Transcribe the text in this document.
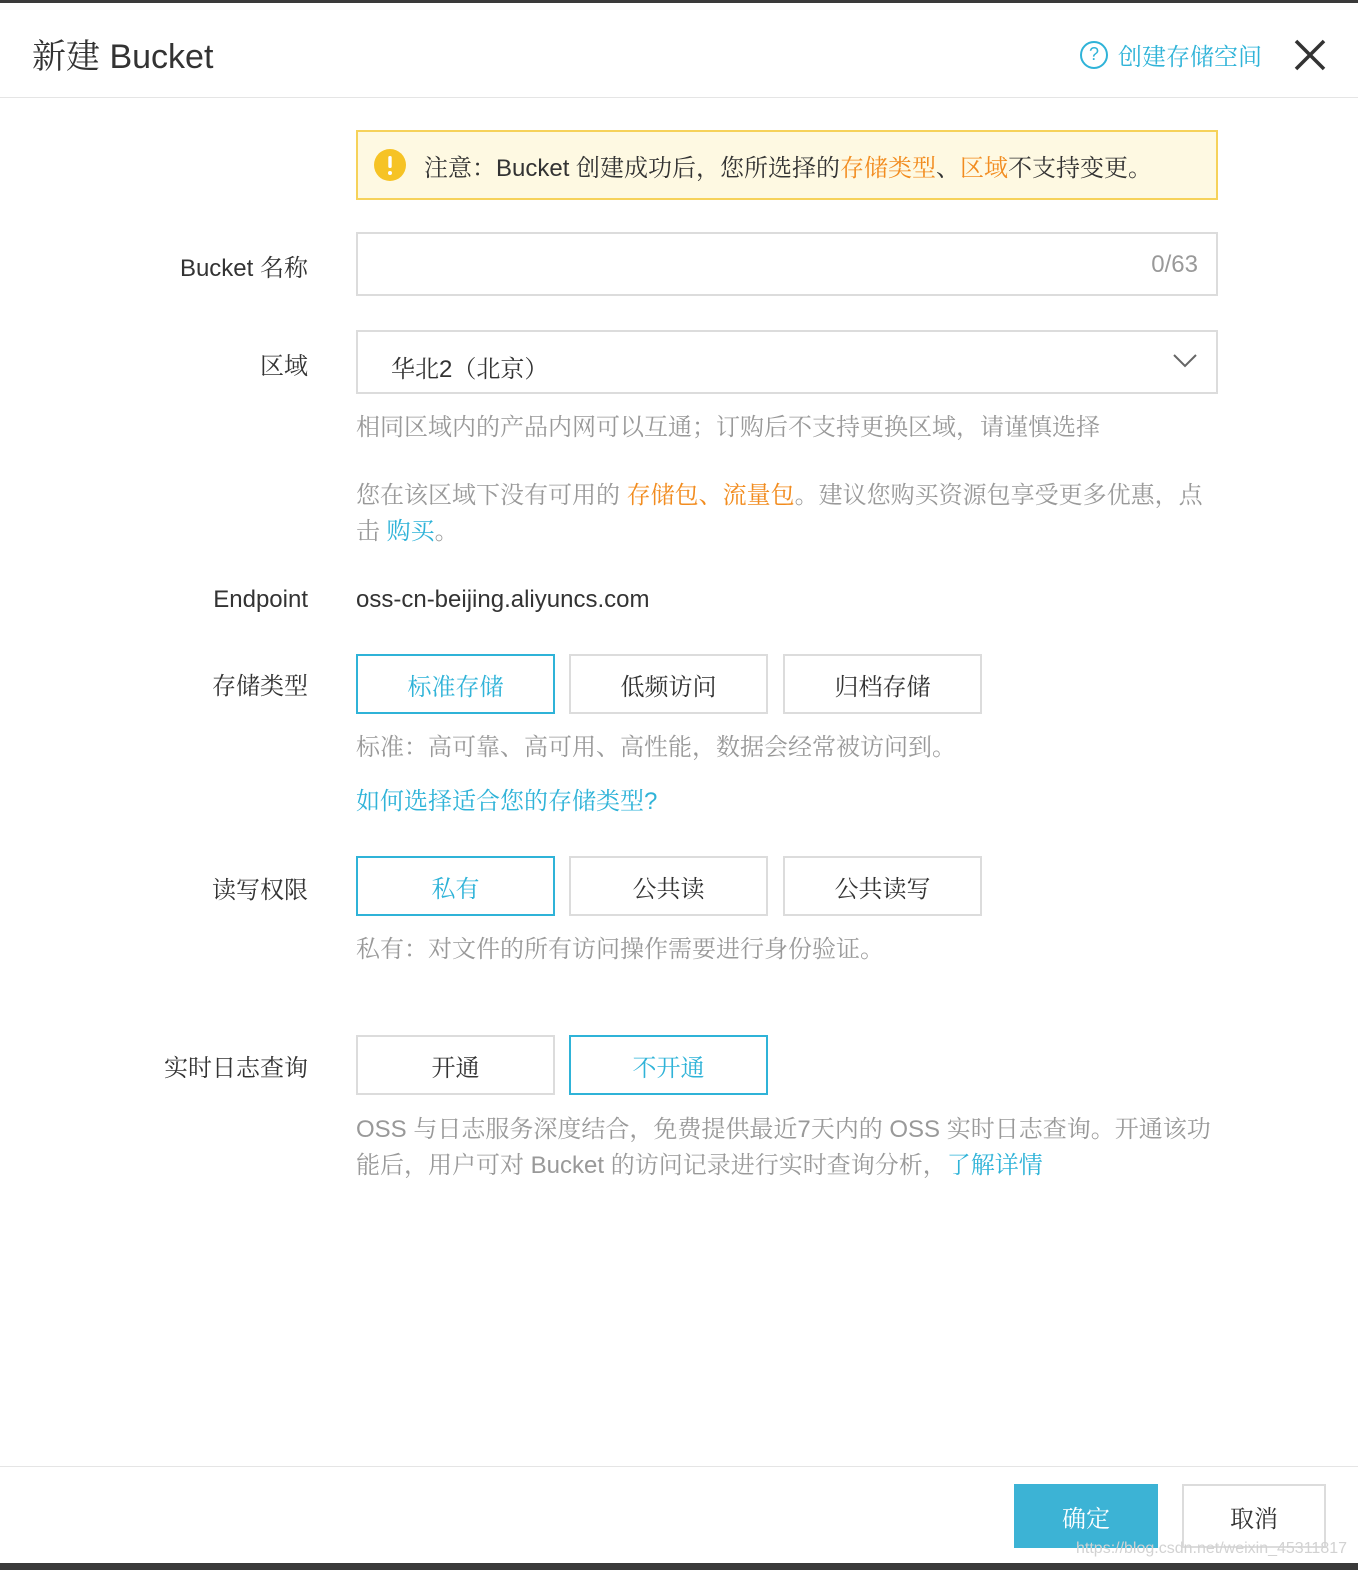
新建 Bucket	? 创建存储空间
注意：Bucket 创建成功后，您所选择的存储类型、区域不支持变更。
Bucket 名称	0/63
区域	华北2（北京）
相同区域内的产品内网可以互通；订购后不支持更换区域，请谨慎选择
您在该区域下没有可用的 存储包、流量包。建议您购买资源包享受更多优惠，点
击 购买。
Endpoint oss-cn-beijing.aliyuncs.com
存储类型	标准存储	低频访问	归档存储
标准：高可靠、高可用、高性能，数据会经常被访问到。
如何选择适合您的存储类型?
读写权限	私有	公共读	公共读写
私有：对文件的所有访问操作需要进行身份验证。
实时日志查询	开通	不开通
OSS 与日志服务深度结合，免费提供最近7天内的 OSS 实时日志查询。开通该功
能后，用户可对 Bucket 的访问记录进行实时查询分析，了解详情
确定	取消
https://blog.csdn.net/weixin_45311817
